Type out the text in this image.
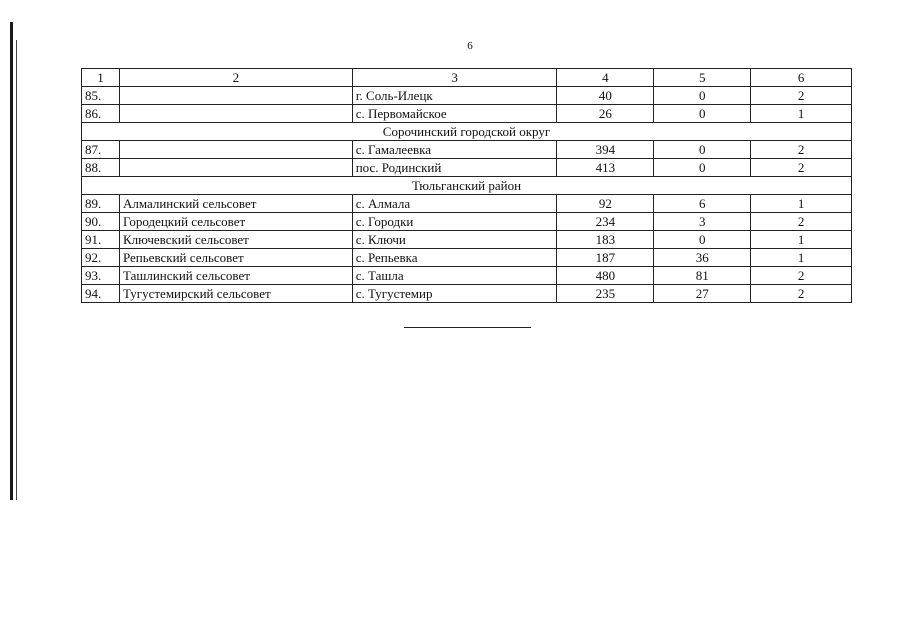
6
1	2	3	4	5	6
85.		г. Соль-Илецк	40	0	2
86.		с. Первомайское	26	0	1
Сорочинский городской округ					
87.		с. Гамалеевка	394	0	2
88.		пос. Родинский	413	0	2
Тюльганский район					
89.	Алмалинский сельсовет	с. Алмала	92	6	1
90.	Городецкий сельсовет	с. Городки	234	3	2
91.	Ключевский сельсовет	с. Ключи	183	0	1
92.	Репьевский сельсовет	с. Репьевка	187	36	1
93.	Ташлинский сельсовет	с. Ташла	480	81	2
94.	Тугустемирский сельсовет	с. Тугустемир	235	27	2
